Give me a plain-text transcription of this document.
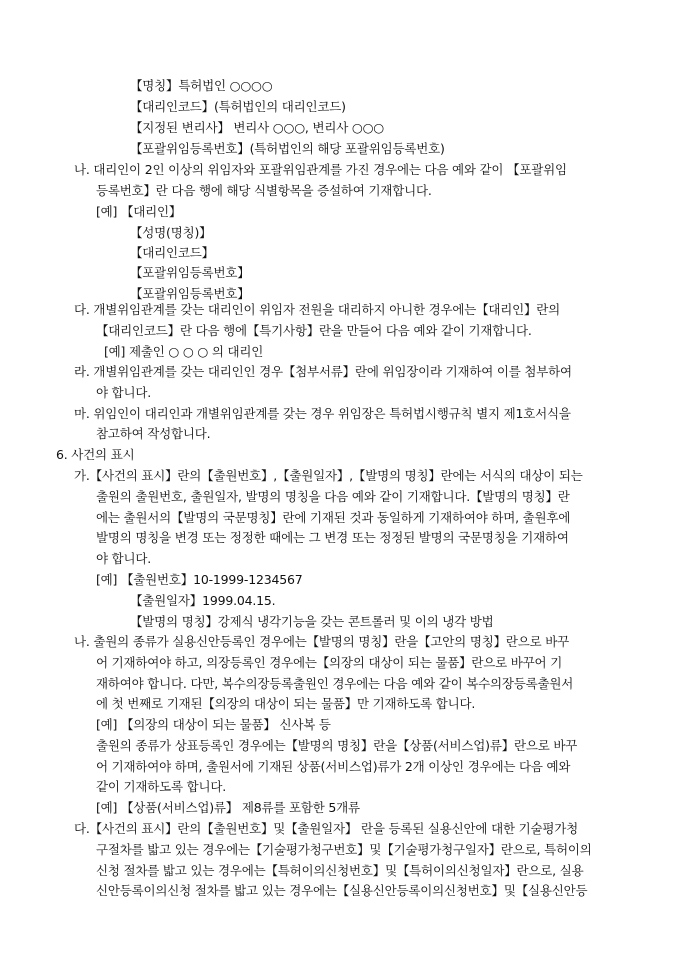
【명칭】특허법인 ○○○○
【대리인코드】(특허법인의 대리인코드)
【지정된 변리사】 변리사 ○○○, 변리사 ○○○
【포괄위임등록번호】(특허법인의 해당 포괄위임등록번호)
나. 대리인이 2인 이상의 위임자와 포괄위임관계를 가진 경우에는 다음 예와 같이 【포괄위임
등록번호】란 다음 행에 해당 식별항목을 증설하여 기재합니다.
[예] 【대리인】
【성명(명칭)】
【대리인코드】
【포괄위임등록번호】
【포괄위임등록번호】
다. 개별위임관계를 갖는 대리인이 위임자 전원을 대리하지 아니한 경우에는【대리인】란의
【대리인코드】란 다음 행에【특기사항】란을 만들어 다음 예와 같이 기재합니다.
[예] 제출인 ○ ○ ○ 의 대리인
라. 개별위임관계를 갖는 대리인인 경우【첨부서류】란에 위임장이라 기재하여 이를 첨부하여
야 합니다.
마. 위임인이 대리인과 개별위임관계를 갖는 경우 위임장은 특허법시행규칙 별지 제1호서식을
참고하여 작성합니다.
6. 사건의 표시
가.【사건의 표시】란의【출원번호】,【출원일자】,【발명의 명칭】란에는 서식의 대상이 되는
출원의 출원번호, 출원일자, 발명의 명칭을 다음 예와 같이 기재합니다.【발명의 명칭】란
에는 출원서의【발명의 국문명칭】란에 기재된 것과 동일하게 기재하여야 하며, 출원후에
발명의 명칭을 변경 또는 정정한 때에는 그 변경 또는 정정된 발명의 국문명칭을 기재하여
야 합니다.
[예] 【출원번호】10-1999-1234567
【출원일자】1999.04.15.
【발명의 명칭】강제식 냉각기능을 갖는 콘트롤러 및 이의 냉각 방법
나. 출원의 종류가 실용신안등록인 경우에는【발명의 명칭】란을【고안의 명칭】란으로 바꾸
어 기재하여야 하고, 의장등록인 경우에는【의장의 대상이 되는 물품】란으로 바꾸어 기
재하여야 합니다. 다만, 복수의장등록출원인 경우에는 다음 예와 같이 복수의장등록출원서
에 첫 번째로 기재된【의장의 대상이 되는 물품】만 기재하도록 합니다.
[예] 【의장의 대상이 되는 물품】 신사복 등
출원의 종류가 상표등록인 경우에는【발명의 명칭】란을【상품(서비스업)류】란으로 바꾸
어 기재하여야 하며, 출원서에 기재된 상품(서비스업)류가 2개 이상인 경우에는 다음 예와
같이 기재하도록 합니다.
[예] 【상품(서비스업)류】 제8류를 포함한 5개류
다.【사건의 표시】란의【출원번호】및【출원일자】 란을 등록된 실용신안에 대한 기술평가청
구절차를 밟고 있는 경우에는【기술평가청구번호】및【기술평가청구일자】란으로, 특허이의
신청 절차를 밟고 있는 경우에는【특허이의신청번호】및【특허이의신청일자】란으로, 실용
신안등록이의신청 절차를 밟고 있는 경우에는【실용신안등록이의신청번호】및【실용신안등
